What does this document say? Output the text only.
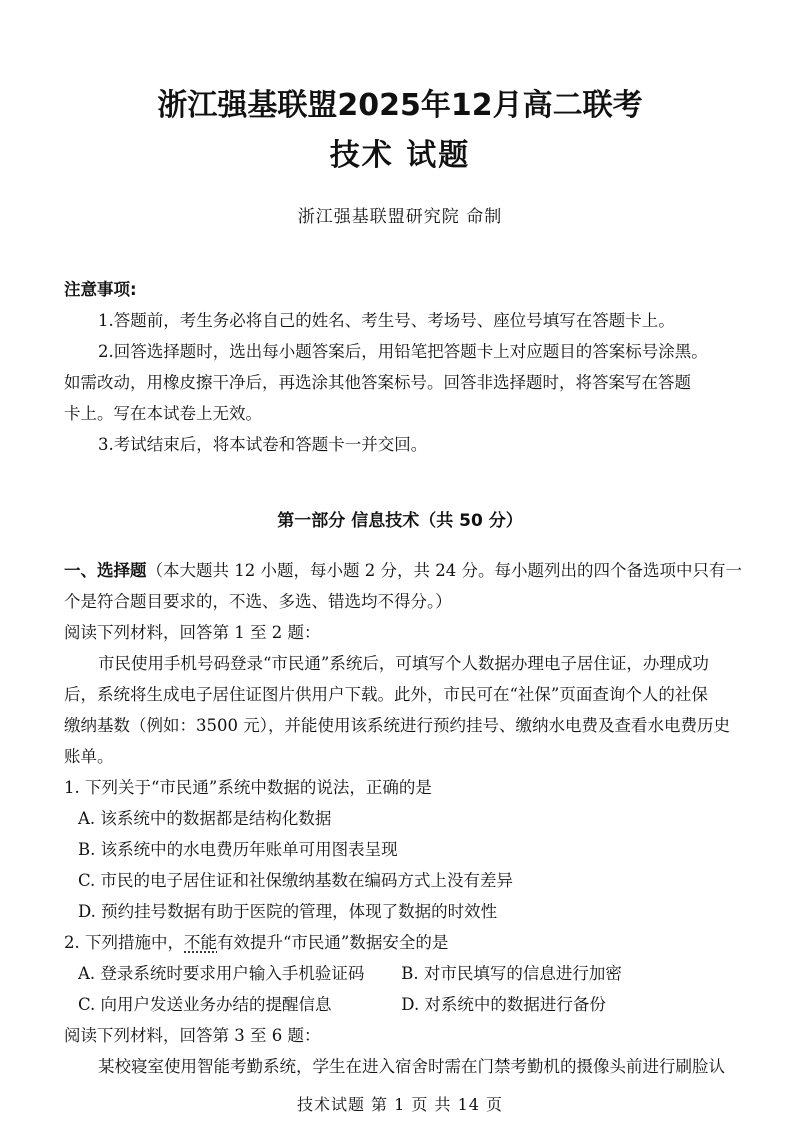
浙江强基联盟2025年12月高二联考
技术 试题
浙江强基联盟研究院 命制
注意事项:
1.答题前，考生务必将自己的姓名、考生号、考场号、座位号填写在答题卡上。
2.回答选择题时，选出每小题答案后，用铅笔把答题卡上对应题目的答案标号涂黑。
如需改动，用橡皮擦干净后，再选涂其他答案标号。回答非选择题时，将答案写在答题
卡上。写在本试卷上无效。
3.考试结束后，将本试卷和答题卡一并交回。
第一部分 信息技术（共 50 分）
一、选择题（本大题共 12 小题，每小题 2 分，共 24 分。每小题列出的四个备选项中只有一
个是符合题目要求的，不选、多选、错选均不得分。）
阅读下列材料，回答第 1 至 2 题：
市民使用手机号码登录“市民通”系统后，可填写个人数据办理电子居住证，办理成功
后，系统将生成电子居住证图片供用户下载。此外，市民可在“社保”页面查询个人的社保
缴纳基数（例如：3500 元），并能使用该系统进行预约挂号、缴纳水电费及查看水电费历史
账单。
1. 下列关于“市民通”系统中数据的说法，正确的是
A. 该系统中的数据都是结构化数据
B. 该系统中的水电费历年账单可用图表呈现
C. 市民的电子居住证和社保缴纳基数在编码方式上没有差异
D. 预约挂号数据有助于医院的管理，体现了数据的时效性
2. 下列措施中，不能有效提升“市民通”数据安全的是
A. 登录系统时要求用户输入手机验证码	B. 对市民填写的信息进行加密
C. 向用户发送业务办结的提醒信息	D. 对系统中的数据进行备份
阅读下列材料，回答第 3 至 6 题：
某校寝室使用智能考勤系统，学生在进入宿舍时需在门禁考勤机的摄像头前进行刷脸认
技术试题 第 1 页 共 14 页
